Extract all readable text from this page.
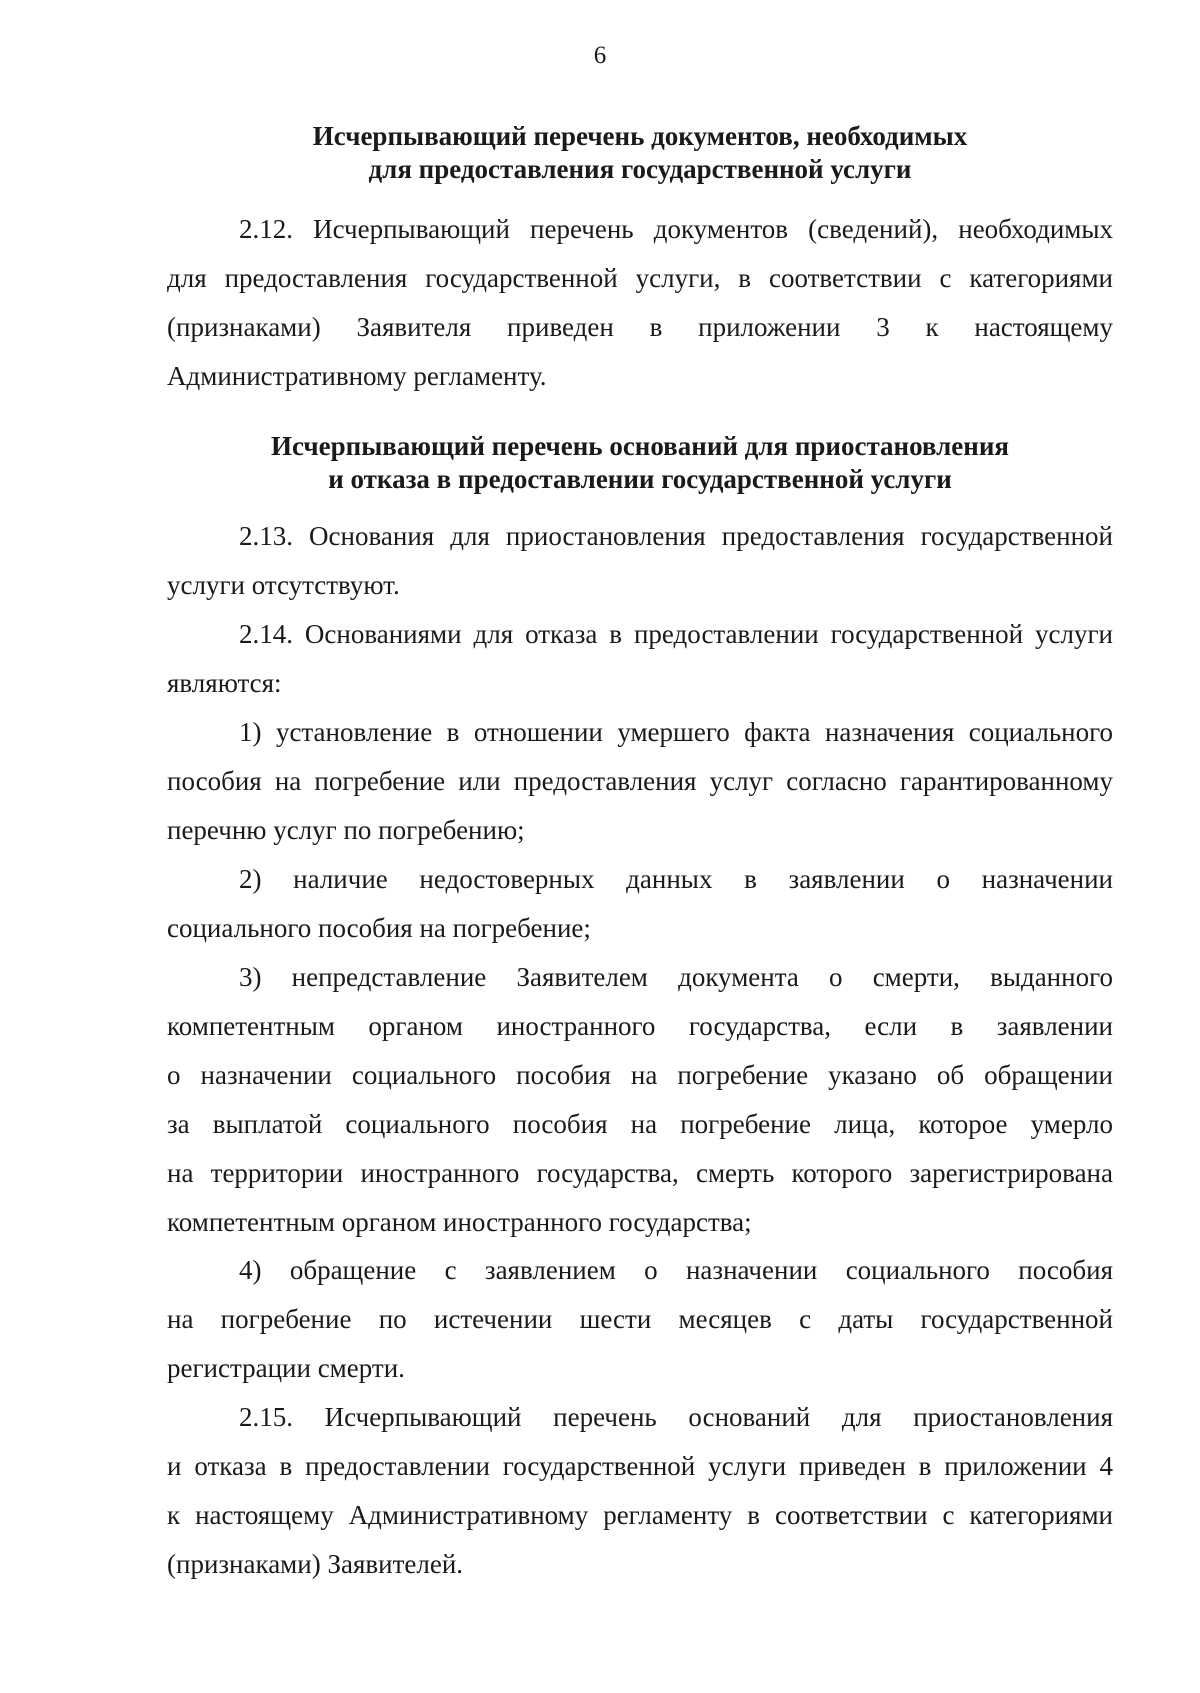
6
Исчерпывающий перечень документов, необходимых
для предоставления государственной услуги
2.12. Исчерпывающий перечень документов (сведений), необходимых
для предоставления государственной услуги, в соответствии с категориями
(признаками) Заявителя приведен в приложении 3 к настоящему
Административному регламенту.
Исчерпывающий перечень оснований для приостановления
и отказа в предоставлении государственной услуги
2.13. Основания для приостановления предоставления государственной
услуги отсутствуют.
2.14. Основаниями для отказа в предоставлении государственной услуги
являются:
1) установление в отношении умершего факта назначения социального
пособия на погребение или предоставления услуг согласно гарантированному
перечню услуг по погребению;
2) наличие недостоверных данных в заявлении о назначении
социального пособия на погребение;
3) непредставление Заявителем документа о смерти, выданного
компетентным органом иностранного государства, если в заявлении
о назначении социального пособия на погребение указано об обращении
за выплатой социального пособия на погребение лица, которое умерло
на территории иностранного государства, смерть которого зарегистрирована
компетентным органом иностранного государства;
4) обращение с заявлением о назначении социального пособия
на погребение по истечении шести месяцев с даты государственной
регистрации смерти.
2.15. Исчерпывающий перечень оснований для приостановления
и отказа в предоставлении государственной услуги приведен в приложении 4
к настоящему Административному регламенту в соответствии с категориями
(признаками) Заявителей.
